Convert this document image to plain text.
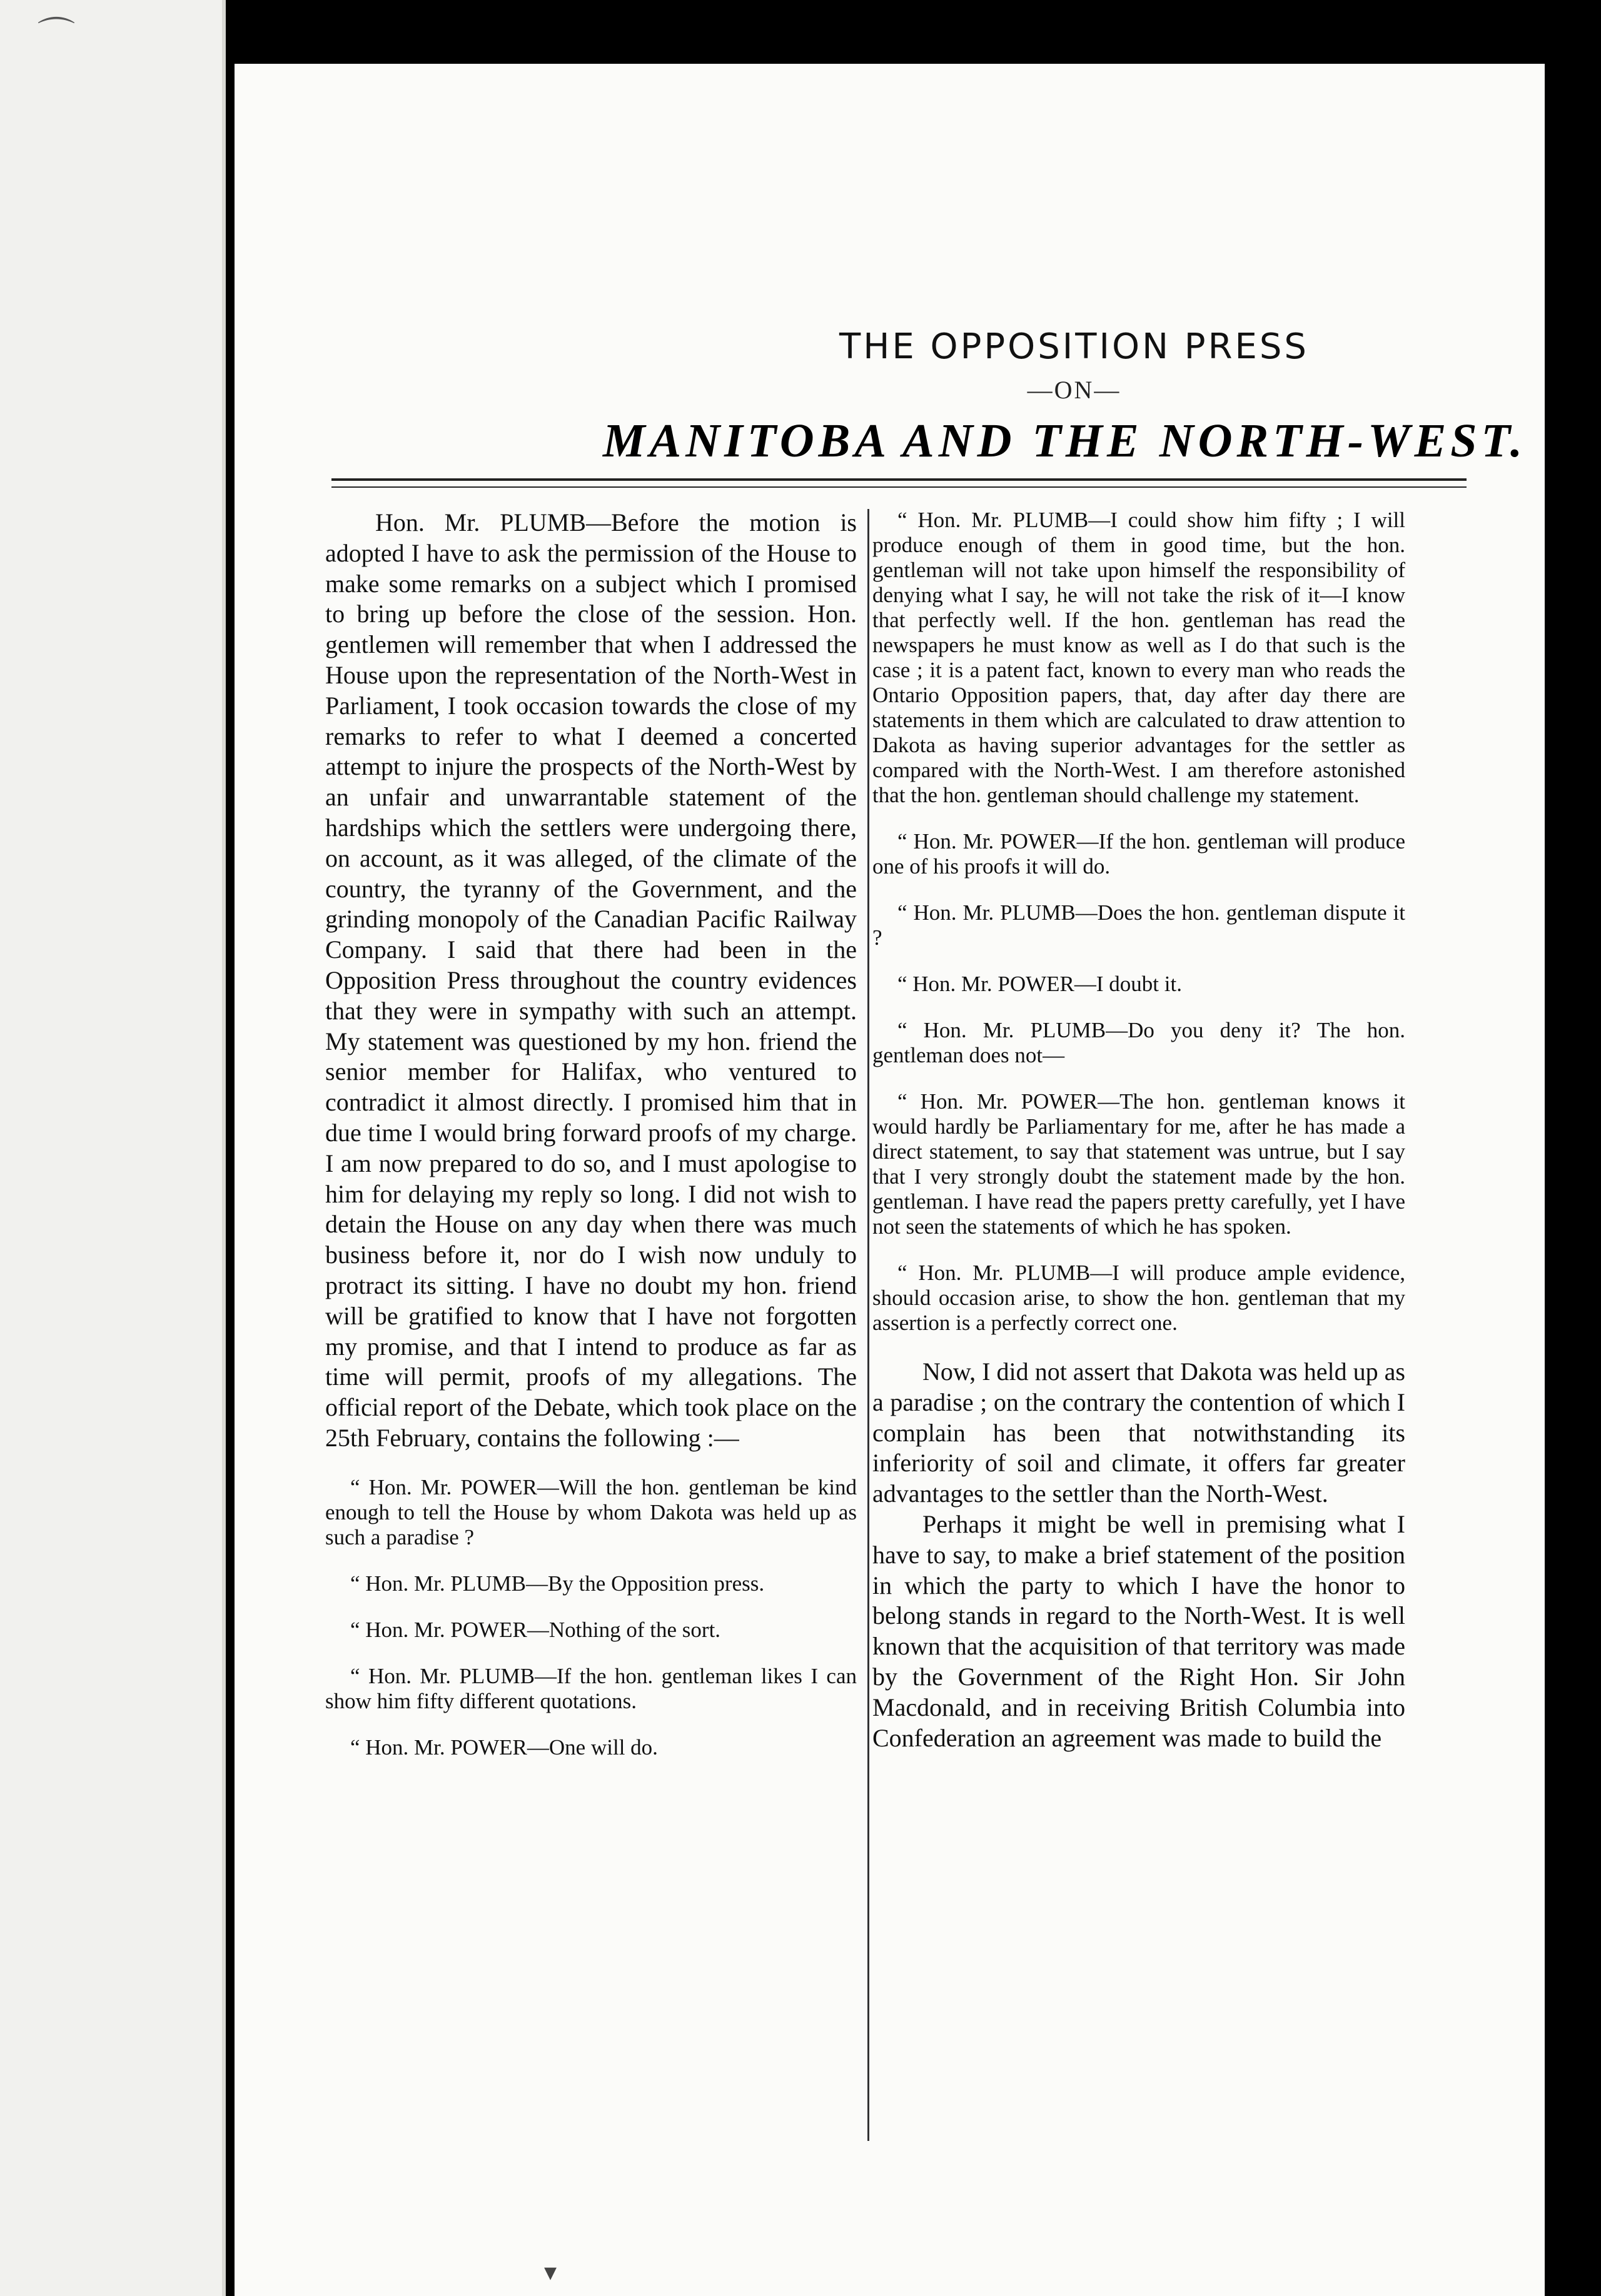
⌒
THE OPPOSITION PRESS
—ON—
MANITOBA AND THE NORTH-WEST.

Hon. Mr. PLUMB—Before the motion is adopted I have to ask the permission of the House to make some remarks on a subject which I promised to bring up before the close of the session. Hon. gentlemen will remember that when I addressed the House upon the representation of the North-West in Parliament, I took occasion towards the close of my remarks to refer to what I deemed a concerted attempt to injure the prospects of the North-West by an unfair and unwarrantable statement of the hardships which the settlers were undergoing there, on account, as it was alleged, of the climate of the country, the tyranny of the Government, and the grinding monopoly of the Canadian Pacific Railway Company. I said that there had been in the Opposition Press throughout the country evidences that they were in sympathy with such an attempt. My statement was questioned by my hon. friend the senior member for Halifax, who ventured to contradict it almost directly. I promised him that in due time I would bring forward proofs of my charge. I am now prepared to do so, and I must apologise to him for delaying my reply so long. I did not wish to detain the House on any day when there was much business before it, nor do I wish now unduly to protract its sitting. I have no doubt my hon. friend will be gratified to know that I have not forgotten my promise, and that I intend to produce as far as time will permit, proofs of my allegations. The official report of the Debate, which took place on the 25th February, contains the following :—

“ Hon. Mr. POWER—Will the hon. gentleman be kind enough to tell the House by whom Dakota was held up as such a paradise ?

“ Hon. Mr. PLUMB—By the Opposition press.

“ Hon. Mr. POWER—Nothing of the sort.

“ Hon. Mr. PLUMB—If the hon. gentleman likes I can show him fifty different quotations.

“ Hon. Mr. POWER—One will do.

“ Hon. Mr. PLUMB—I could show him fifty ; I will produce enough of them in good time, but the hon. gentleman will not take upon himself the responsibility of denying what I say, he will not take the risk of it—I know that perfectly well. If the hon. gentleman has read the newspapers he must know as well as I do that such is the case ; it is a patent fact, known to every man who reads the Ontario Opposition papers, that, day after day there are statements in them which are calculated to draw attention to Dakota as having superior advantages for the settler as compared with the North-West. I am therefore astonished that the hon. gentleman should challenge my statement.

“ Hon. Mr. POWER—If the hon. gentleman will produce one of his proofs it will do.

“ Hon. Mr. PLUMB—Does the hon. gentleman dispute it ?

“ Hon. Mr. POWER—I doubt it.

“ Hon. Mr. PLUMB—Do you deny it? The hon. gentleman does not—

“ Hon. Mr. POWER—The hon. gentleman knows it would hardly be Parliamentary for me, after he has made a direct statement, to say that statement was untrue, but I say that I very strongly doubt the statement made by the hon. gentleman. I have read the papers pretty carefully, yet I have not seen the statements of which he has spoken.

“ Hon. Mr. PLUMB—I will produce ample evidence, should occasion arise, to show the hon. gentleman that my assertion is a perfectly correct one.

Now, I did not assert that Dakota was held up as a paradise ; on the contrary the contention of which I complain has been that notwithstanding its inferiority of soil and climate, it offers far greater advantages to the settler than the North-West.

Perhaps it might be well in premising what I have to say, to make a brief statement of the position in which the party to which I have the honor to belong stands in regard to the North-West. It is well known that the acquisition of that territory was made by the Government of the Right Hon. Sir John Macdonald, and in receiving British Columbia into Confederation an agreement was made to build the

▾
